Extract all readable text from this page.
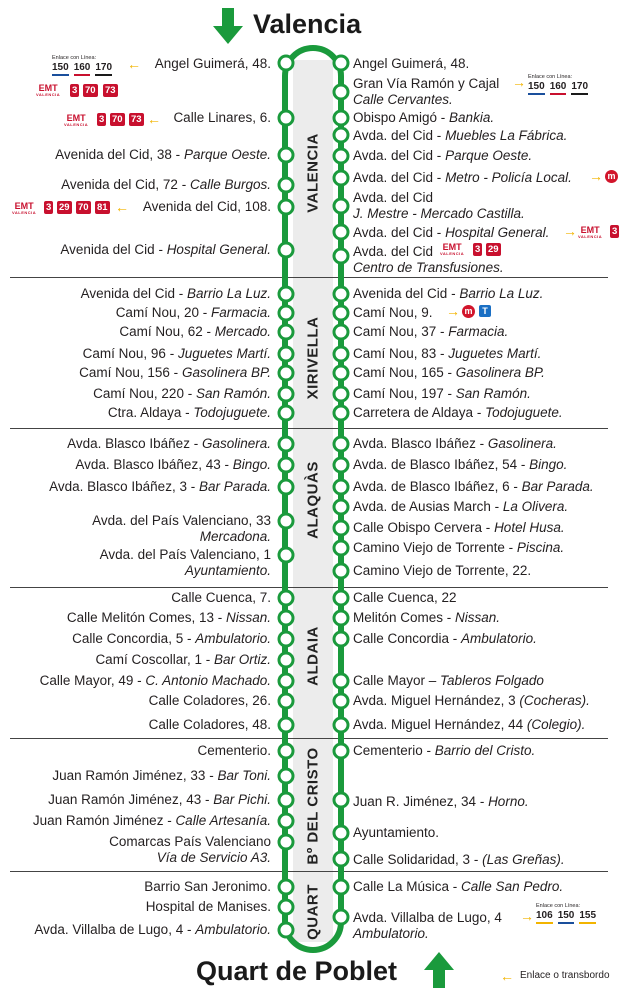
Valencia
Quart de Poblet
VALENCIA
XIRIVELLA
ALAQUÀS
ALDAIA
Bº DEL CRISTO
QUART
Angel Guimerá, 48.
Calle Linares, 6.
Avenida del Cid, 38 - Parque Oeste.
Avenida del Cid, 72 - Calle Burgos.
Avenida del Cid, 108.
Avenida del Cid - Hospital General.
Avenida del Cid - Barrio La Luz.
Camí Nou, 20 - Farmacia.
Camí Nou, 62 - Mercado.
Camí Nou, 96 - Juguetes Martí.
Camí Nou, 156 - Gasolinera BP.
Camí Nou, 220 - San Ramón.
Ctra. Aldaya - Todojuguete.
Avda. Blasco Ibáñez - Gasolinera.
Avda. Blasco Ibáñez, 43 - Bingo.
Avda. Blasco Ibáñez, 3 - Bar Parada.
Avda. del País Valenciano, 33
Mercadona.
Avda. del País Valenciano, 1
Ayuntamiento.
Calle Cuenca, 7.
Calle Melitón Comes, 13 - Nissan.
Calle Concordia, 5 - Ambulatorio.
Camí Coscollar, 1 - Bar Ortiz.
Calle Mayor, 49 - C. Antonio Machado.
Calle Coladores, 26.
Calle Coladores, 48.
Cementerio.
Juan Ramón Jiménez, 33 - Bar Toni.
Juan Ramón Jiménez, 43 - Bar Pichi.
Juan Ramón Jiménez - Calle Artesanía.
Comarcas País Valenciano
Vía de Servicio A3.
Barrio San Jeronimo.
Hospital de Manises.
Avda. Villalba de Lugo, 4 - Ambulatorio.
Angel Guimerá, 48.
Gran Vía Ramón y Cajal
Calle Cervantes.
Obispo Amigó - Bankia.
Avda. del Cid - Muebles La Fábrica.
Avda. del Cid - Parque Oeste.
Avda. del Cid - Metro - Policía Local.
Avda. del Cid
J. Mestre - Mercado Castilla.
Avda. del Cid - Hospital General.
Avda. del Cid
Centro de Transfusiones.
Avenida del Cid - Barrio La Luz.
Camí Nou, 9.
Camí Nou, 37 - Farmacia.
Camí Nou, 83 - Juguetes Martí.
Camí Nou, 165 - Gasolinera BP.
Camí Nou, 197 - San Ramón.
Carretera de Aldaya - Todojuguete.
Avda. Blasco Ibáñez - Gasolinera.
Avda. de Blasco Ibáñez, 54 - Bingo.
Avda. de Blasco Ibáñez, 6 - Bar Parada.
Avda. de Ausias March - La Olivera.
Calle Obispo Cervera - Hotel Husa.
Camino Viejo de Torrente - Piscina.
Camino Viejo de Torrente, 22.
Calle Cuenca, 22
Melitón Comes - Nissan.
Calle Concordia - Ambulatorio.
Calle Mayor – Tableros Folgado
Avda. Miguel Hernández, 3 (Cocheras).
Avda. Miguel Hernández, 44 (Colegio).
Cementerio - Barrio del Cristo.
Juan R. Jiménez, 34 - Horno.
Ayuntamiento.
Calle Solidaridad, 3 - (Las Greñas).
Calle La Música - Calle San Pedro.
Avda. Villalba de Lugo, 4
Ambulatorio.
Enlace con Línea:
150 160 170	←
EMT
VALENCIA 3 70 73
EMT
VALENCIA 3 70 73 ←
EMT
VALENCIA 3 29 70 81 ←
→ Enlace con Línea:
150 160 170
→ m
→ EMT
VALENCIA 3
EMT
VALENCIA 3 29
→ m	T
→
Enlace con Línea:
106 150 155
← Enlace o transbordo
